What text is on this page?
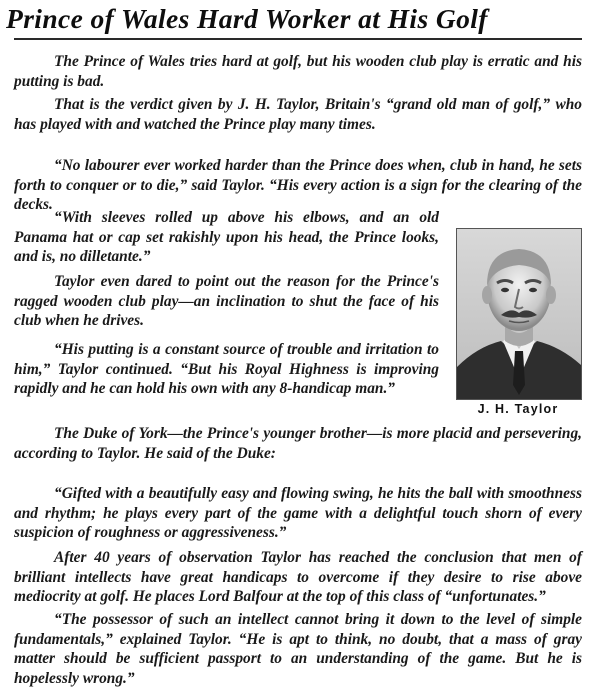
Prince of Wales Hard Worker at His Golf

The Prince of Wales tries hard at golf, but his wooden club play is erratic and his putting is bad.

That is the verdict given by J. H. Taylor, Britain's “grand old man of golf,” who has played with and watched the Prince play many times.

“No labourer ever worked harder than the Prince does when, club in hand, he sets forth to conquer or to die,” said Taylor. “His every action is a sign for the clearing of the decks.

“With sleeves rolled up above his elbows, and an old Panama hat or cap set rakishly upon his head, the Prince looks, and is, no dilletante.”

Taylor even dared to point out the reason for the Prince's ragged wooden club play—an inclination to shut the face of his club when he drives.

“His putting is a constant source of trouble and irritation to him,” Taylor continued. “But his Royal Highness is improving rapidly and he can hold his own with any 8-handicap man.”

The Duke of York—the Prince's younger brother—is more placid and persevering, according to Taylor. He said of the Duke:

“Gifted with a beautifully easy and flowing swing, he hits the ball with smoothness and rhythm; he plays every part of the game with a delightful touch shorn of every suspicion of roughness or aggressiveness.”

After 40 years of observation Taylor has reached the conclusion that men of brilliant intellects have great handicaps to overcome if they desire to rise above mediocrity at golf. He places Lord Balfour at the top of this class of “unfortunates.”

“The possessor of such an intellect cannot bring it down to the level of simple fundamentals,” explained Taylor. “He is apt to think, no doubt, that a mass of gray matter should be sufficient passport to an understanding of the game. But he is hopelessly wrong.”

J. H. Taylor
